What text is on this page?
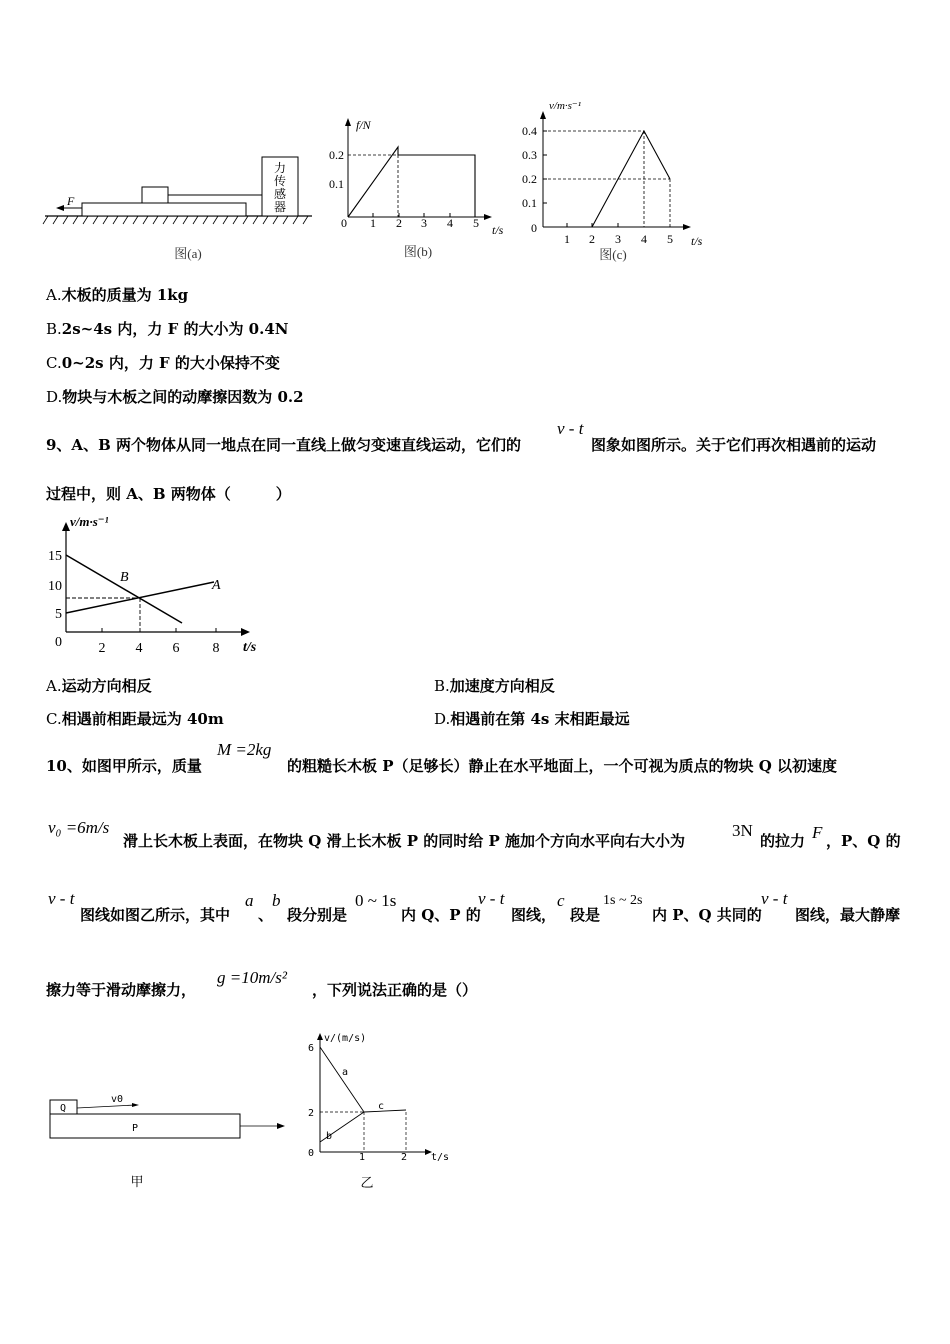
力
传
感
器
F
图(a)
f/N
t/s
0.2
0.1
0 1 2 3 4 5
图(b)
v/m·s⁻¹
t/s
0.4
0.3
0.2
0.1
0
1 2 3 4 5
图(c)
A.木板的质量为 1kg
B.2s~4s 内，力 F 的大小为 0.4N
C.0~2s 内，力 F 的大小保持不变
D.物块与木板之间的动摩擦因数为 0.2
9、A、B 两个物体从同一地点在同一直线上做匀变速直线运动，它们的
v - t
图象如图所示。关于它们再次相遇前的运动
过程中，则 A、B 两物体（　　　）
v/m·s⁻¹
t/s
15
10
5
0	2 4 6 8
B
A
A.运动方向相反	B.加速度方向相反
C.相遇前相距最远为 40m	D.相遇前在第 4s 末相距最远
10、如图甲所示，质量
M =2kg
的粗糙长木板 P（足够长）静止在水平地面上，一个可视为质点的物块 Q 以初速度
v₀ =6m/s
滑上长木板上表面，在物块 Q 滑上长木板 P 的同时给 P 施加个方向水平向右大小为
3N
的拉力 F ，P、Q 的
v - t
图线如图乙所示，其中
a
、
b
段分别是
0 ~ 1s
内 Q、P 的
v - t
图线，
c
段是
1s ~ 2s
内 P、Q 共同的
v - t
图线，最大静摩
擦力等于滑动摩擦力，
g =10m/s²
，下列说法正确的是（）
Q
P
v0
甲
v/(m/s)
t/s
6
2
0	1	2
a
b
c
乙
